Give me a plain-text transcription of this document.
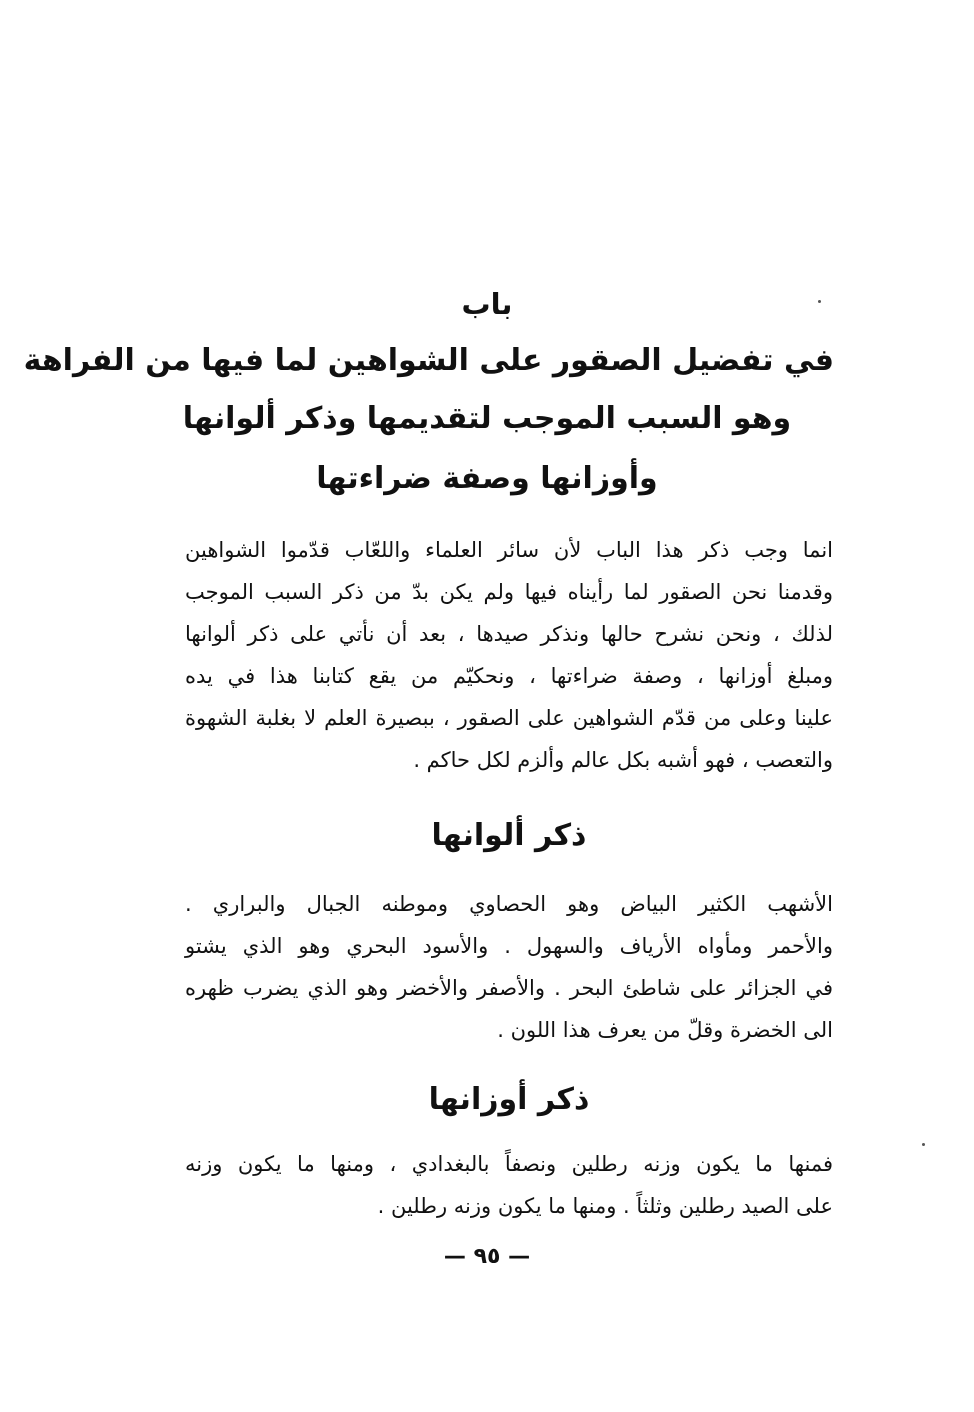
باب
في تفضيل الصقور على الشواهين لما فيها من الفراهة
وهو السبب الموجب لتقديمها وذكر ألوانها
وأوزانها وصفة ضراءتها
انما وجب ذكر هذا الباب لأن سائر العلماء واللعّاب قدّموا الشواهين
وقدمنا نحن الصقور لما رأيناه فيها ولم يكن بدّ من ذكر السبب الموجب
لذلك ، ونحن نشرح حالها ونذكر صيدها ، بعد أن نأتي على ذكر ألوانها
ومبلغ أوزانها ، وصفة ضراءتها ، ونحكيّم من يقع كتابنا هذا في يده
علينا وعلى من قدّم الشواهين على الصقور ، ببصيرة العلم لا بغلبة الشهوة
والتعصب ، فهو أشبه بكل عالم وألزم لكل حاكم .
ذكر ألوانها
الأشهب الكثير البياض وهو الحصاوي وموطنه الجبال والبراري .
والأحمر ومأواه الأرياف والسهول . والأسود البحري وهو الذي يشتو
في الجزائر على شاطئ البحر . والأصفر والأخضر وهو الذي يضرب ظهره
الى الخضرة وقلّ من يعرف هذا اللون .
ذكر أوزانها
فمنها ما يكون وزنه رطلين ونصفاً بالبغدادي ، ومنها ما يكون وزنه
على الصيد رطلين وثلثاً . ومنها ما يكون وزنه رطلين .
— ٩٥ —
